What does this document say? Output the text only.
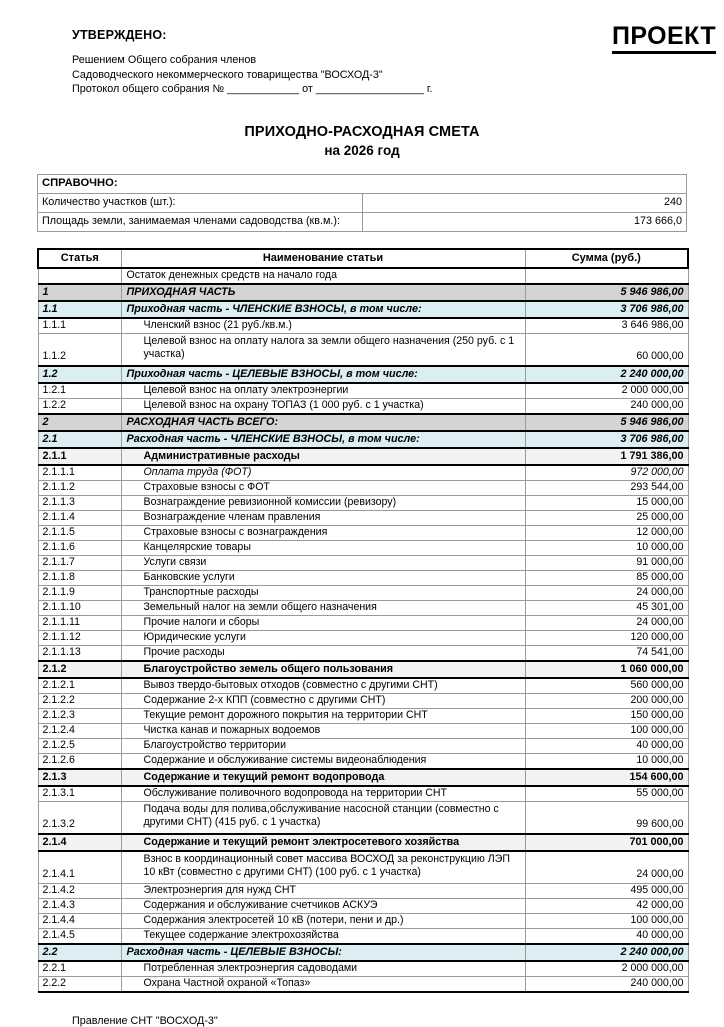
УТВЕРЖДЕНО:
Решением Общего собрания членов
Садоводческого некоммерческого товарищества "ВОСХОД-3"
Протокол общего собрания № ____________ от __________________ г.
ПРОЕКТ
ПРИХОДНО-РАСХОДНАЯ СМЕТА
на 2026 год
СПРАВОЧНО:	
Количество участков (шт.):	240
Площадь земли, занимаемая членами садоводства (кв.м.):	173 666,0
Статья	Наименование статьи	Сумма (руб.)
	Остаток денежных средств на начало года	
1	ПРИХОДНАЯ ЧАСТЬ	5 946 986,00
1.1	Приходная часть - ЧЛЕНСКИЕ ВЗНОСЫ, в том числе:	3 706 986,00
1.1.1	Членский взнос (21 руб./кв.м.)	3 646 986,00
1.1.2	Целевой взнос на оплату налога за земли общего назначения (250 руб. с 1 участка)	60 000,00
1.2	Приходная часть - ЦЕЛЕВЫЕ ВЗНОСЫ, в том числе:	2 240 000,00
1.2.1	Целевой взнос на оплату электроэнергии	2 000 000,00
1.2.2	Целевой взнос на охрану ТОПАЗ (1 000 руб. с 1 участка)	240 000,00
2	РАСХОДНАЯ ЧАСТЬ ВСЕГО:	5 946 986,00
2.1	Расходная часть - ЧЛЕНСКИЕ ВЗНОСЫ, в том числе:	3 706 986,00
2.1.1	Административные расходы	1 791 386,00
2.1.1.1	Оплата труда (ФОТ)	972 000,00
2.1.1.2	Страховые взносы с ФОТ	293 544,00
2.1.1.3	Вознаграждение ревизионной комиссии (ревизору)	15 000,00
2.1.1.4	Вознаграждение членам правления	25 000,00
2.1.1.5	Страховые взносы с вознаграждения	12 000,00
2.1.1.6	Канцелярские товары	10 000,00
2.1.1.7	Услуги связи	91 000,00
2.1.1.8	Банковские услуги	85 000,00
2.1.1.9	Транспортные расходы	24 000,00
2.1.1.10	Земельный налог на земли общего назначения	45 301,00
2.1.1.11	Прочие налоги и сборы	24 000,00
2.1.1.12	Юридические услуги	120 000,00
2.1.1.13	Прочие расходы	74 541,00
2.1.2	Благоустройство земель общего пользования	1 060 000,00
2.1.2.1	Вывоз твердо-бытовых отходов (совместно с другими СНТ)	560 000,00
2.1.2.2	Содержание 2-х КПП (совместно с другими СНТ)	200 000,00
2.1.2.3	Текущие ремонт дорожного покрытия на территории СНТ	150 000,00
2.1.2.4	Чистка канав и пожарных водоемов	100 000,00
2.1.2.5	Благоустройство территории	40 000,00
2.1.2.6	Содержание и обслуживание системы видеонаблюдения	10 000,00
2.1.3	Содержание и текущий ремонт водопровода	154 600,00
2.1.3.1	Обслуживание поливочного водопровода на территории СНТ	55 000,00
2.1.3.2	Подача воды для полива,обслуживание насосной станции (совместно с другими СНТ) (415 руб. с 1 участка)	99 600,00
2.1.4	Содержание и текущий ремонт электросетевого хозяйства	701 000,00
2.1.4.1	Взнос в координационный совет массива ВОСХОД за реконструкцию ЛЭП 10 кВт (совместно с другими СНТ) (100 руб. с 1 участка)	24 000,00
2.1.4.2	Электроэнергия для нужд СНТ	495 000,00
2.1.4.3	Содержания и обслуживание счетчиков АСКУЭ	42 000,00
2.1.4.4	Содержания электросетей 10 кВ (потери, пени и др.)	100 000,00
2.1.4.5	Текущее содержание электрохозяйства	40 000,00
2.2	Расходная часть - ЦЕЛЕВЫЕ ВЗНОСЫ:	2 240 000,00
2.2.1	Потребленная электроэнергия садоводами	2 000 000,00
2.2.2	Охрана Частной охраной «Топаз»	240 000,00
Правление СНТ "ВОСХОД-3"
